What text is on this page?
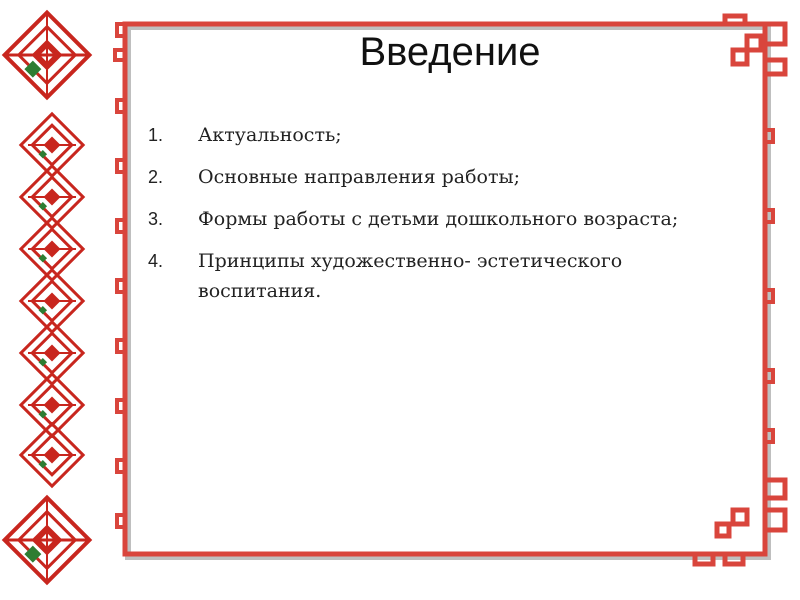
Введение
1. Актуальность;
2. Основные направления работы;
3. Формы работы с детьми дошкольного возраста;
4. Принципы художественно- эстетического воспитания.
